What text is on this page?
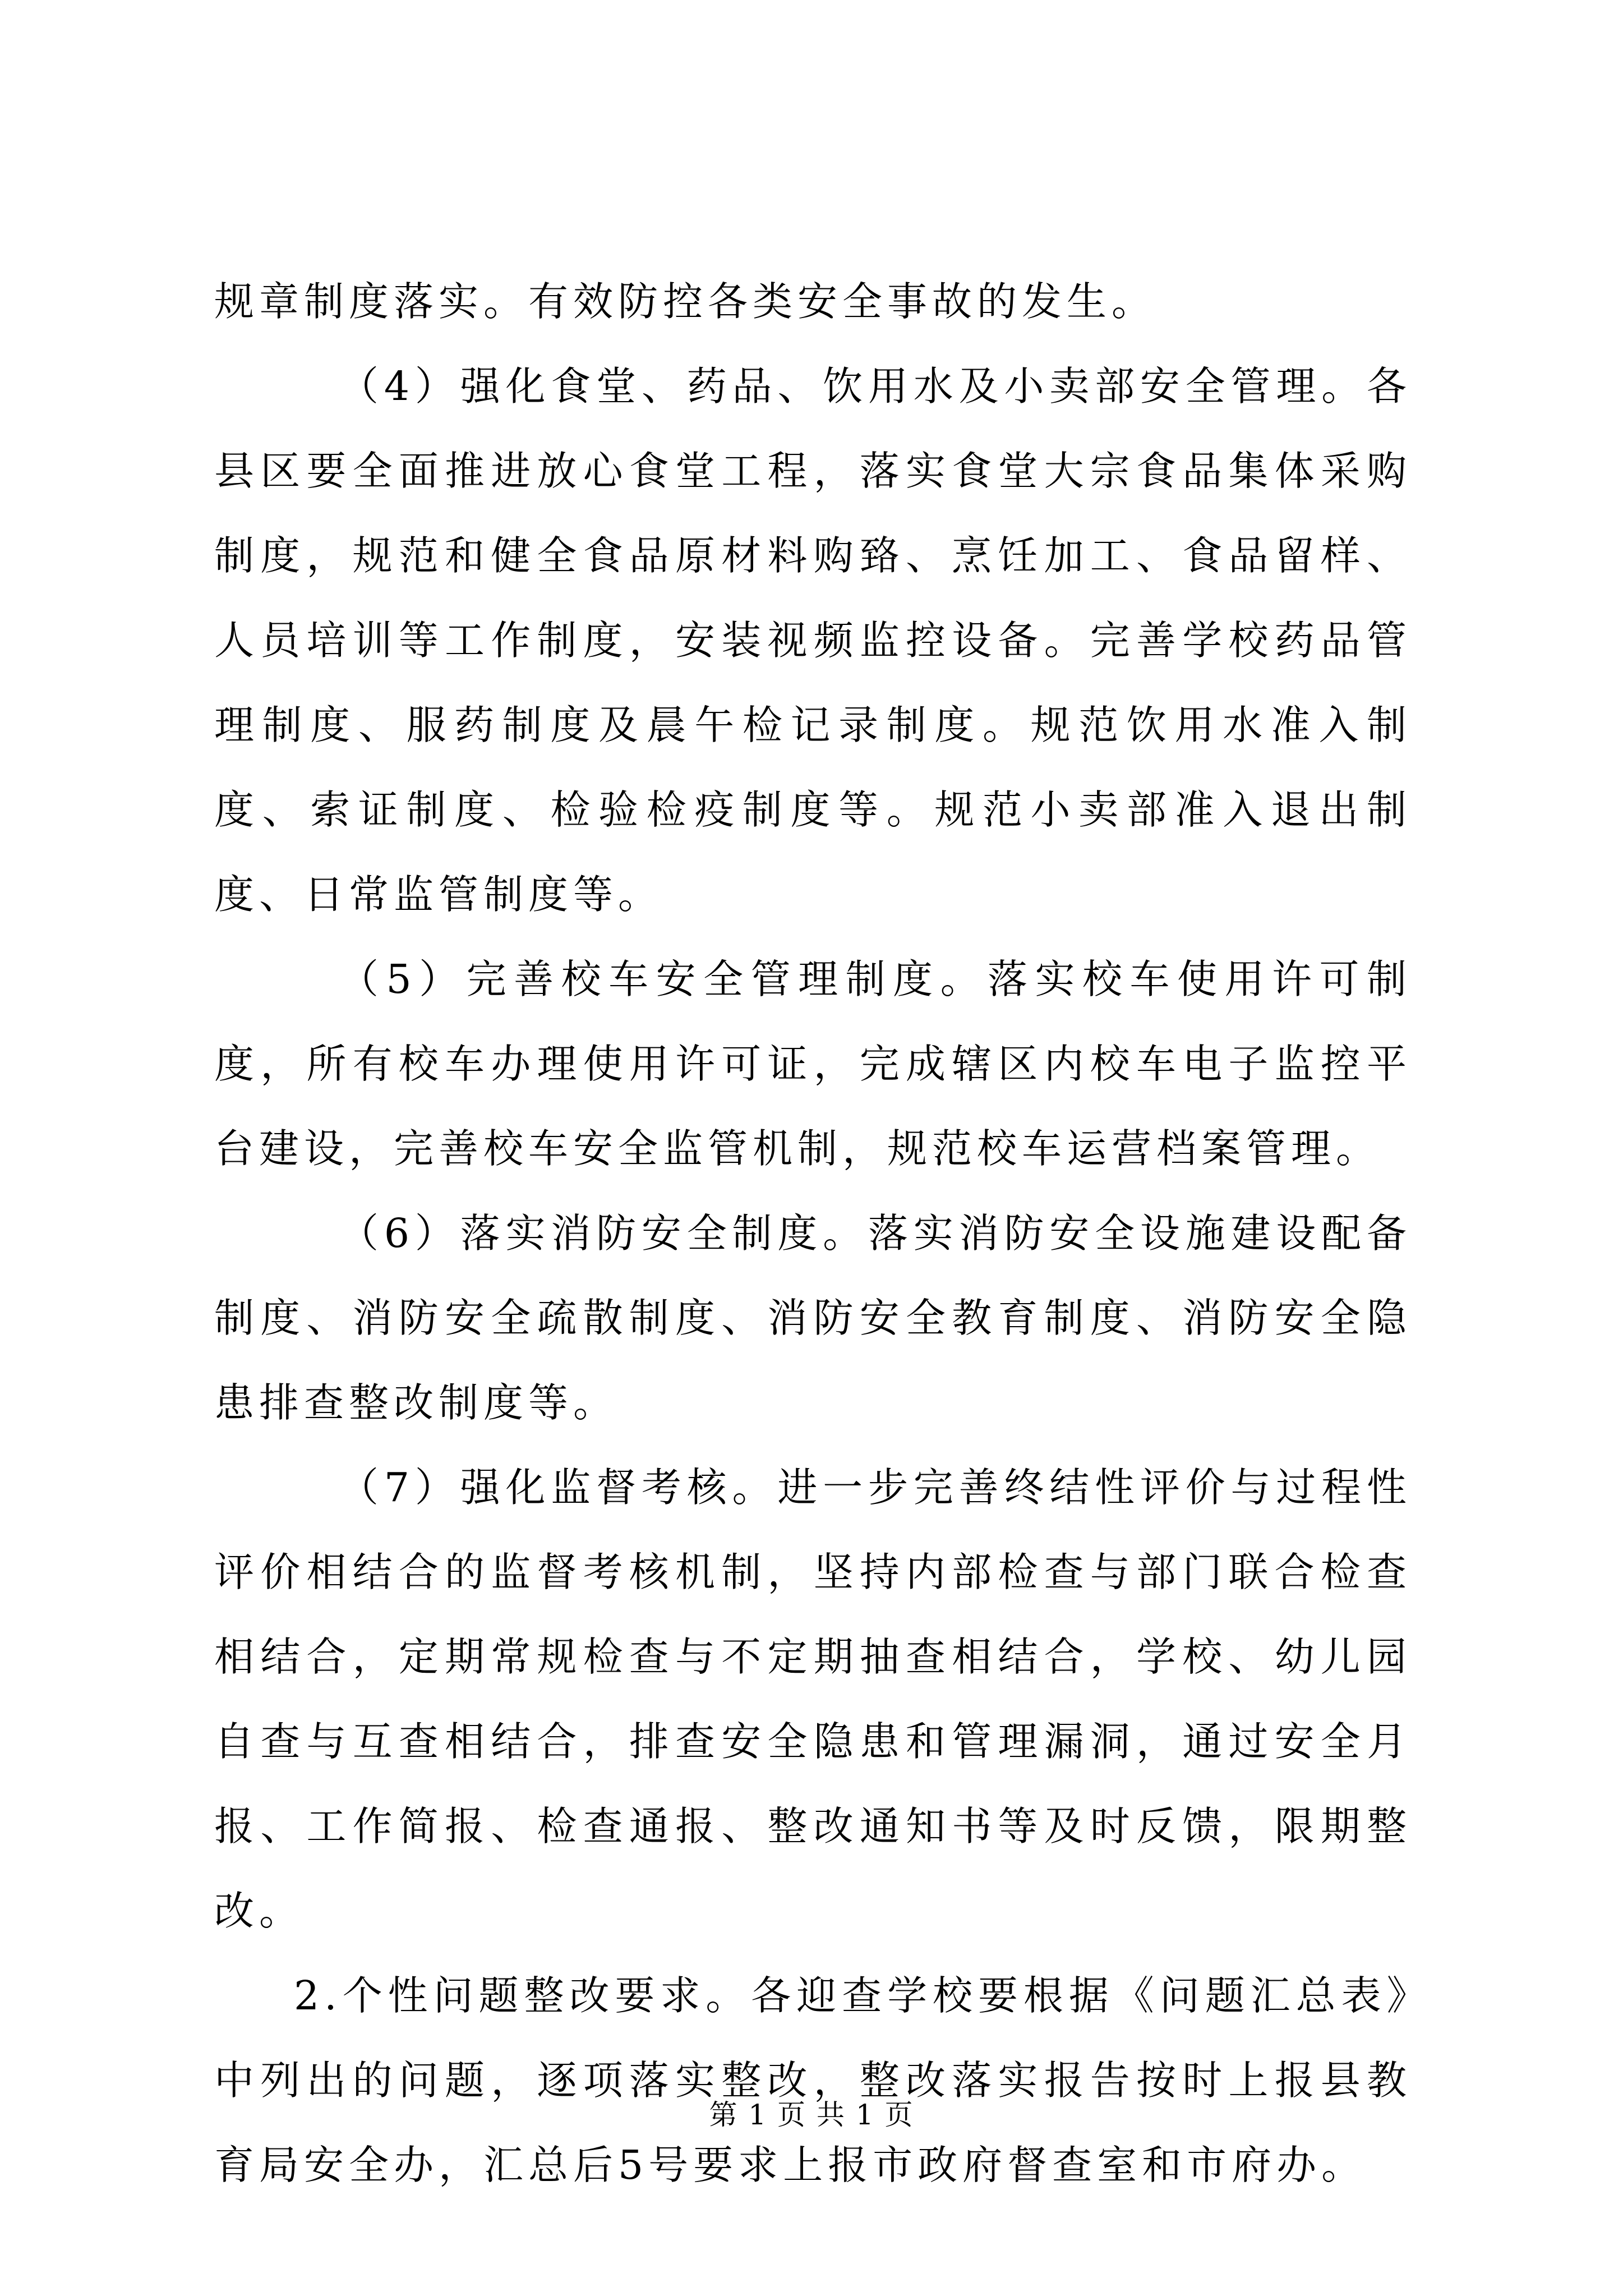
规章制度落实。有效防控各类安全事故的发生。

（4）强化食堂、药品、饮用水及小卖部安全管理。各县区要全面推进放心食堂工程，落实食堂大宗食品集体采购制度，规范和健全食品原材料购臵、烹饪加工、食品留样、人员培训等工作制度，安装视频监控设备。完善学校药品管理制度、服药制度及晨午检记录制度。规范饮用水准入制度、索证制度、检验检疫制度等。规范小卖部准入退出制度、日常监管制度等。

（5）完善校车安全管理制度。落实校车使用许可制度，所有校车办理使用许可证，完成辖区内校车电子监控平台建设，完善校车安全监管机制，规范校车运营档案管理。

（6）落实消防安全制度。落实消防安全设施建设配备制度、消防安全疏散制度、消防安全教育制度、消防安全隐患排查整改制度等。

（7）强化监督考核。进一步完善终结性评价与过程性评价相结合的监督考核机制，坚持内部检查与部门联合检查相结合，定期常规检查与不定期抽查相结合，学校、幼儿园自查与互查相结合，排查安全隐患和管理漏洞，通过安全月报、工作简报、检查通报、整改通知书等及时反馈，限期整改。

2.个性问题整改要求。各迎查学校要根据《问题汇总表》中列出的问题，逐项落实整改，整改落实报告按时上报县教育局安全办，汇总后5号要求上报市政府督查室和市府办。

第 1 页 共 1 页
